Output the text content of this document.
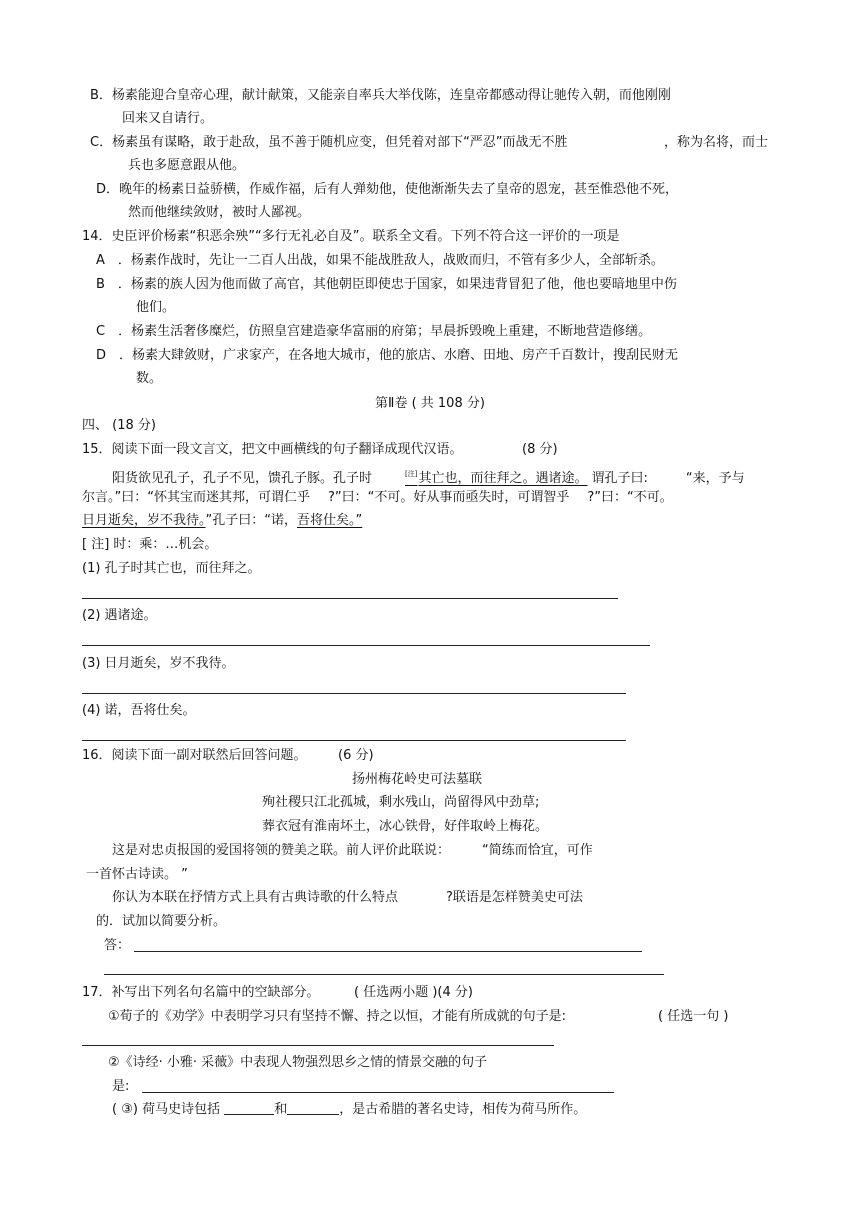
B．杨素能迎合皇帝心理，献计献策，又能亲自率兵大举伐陈，连皇帝都感动得让驰传入朝，而他刚刚
回来又自请行。
C．杨素虽有谋略，敢于赴敌，虽不善于随机应变，但凭着对部下“严忍”而战无不胜	，称为名将，而士
兵也多愿意跟从他。
D．晚年的杨素日益骄横，作威作福，后有人弹劾他，使他渐渐失去了皇帝的恩宠，甚至惟恐他不死，
然而他继续敛财，被时人鄙视。
14．史臣评价杨素“积恶余殃”“多行无礼必自及”。联系全文看。下列不符合这一评价的一项是
A　．杨素作战时，先让一二百人出战，如果不能战胜敌人，战败而归，不管有多少人，全部斩杀。
B　．杨素的族人因为他而做了高官，其他朝臣即使忠于国家，如果违背冒犯了他，他也要暗地里中伤
他们。
C　．杨素生活奢侈糜烂，仿照皇宫建造豪华富丽的府第；早晨拆毁晚上重建，不断地营造修缮。
D　．杨素大肆敛财，广求家产，在各地大城市，他的旅店、水磨、田地、房产千百数计，搜刮民财无
数。
第Ⅱ卷 ( 共 108 分)
四、 (18 分)
15．阅读下面一段文言文，把文中画横线的句子翻译成现代汉语。	(8 分)
阳货欲见孔子，孔子不见，馈孔子豚。孔子时	[注]其亡也，而往拜之。遇诸途。 谓孔子曰:	“来，予与
尔言。”曰：“怀其宝而迷其邦，可谓仁乎 ?”曰：“不可。好从事而亟失时，可谓智乎 ?”曰：“不可。
日月逝矣，岁不我待。”孔子曰：“诺，吾将仕矣。”
[ 注] 时：乘：…机会。
(1) 孔子时其亡也，而往拜之。
(2) 遇诸途。
(3) 日月逝矣，岁不我待。
(4) 诺，吾将仕矣。
16．阅读下面一副对联然后回答问题。 (6 分)
扬州梅花岭史可法墓联
殉社稷只江北孤城，剩水残山，尚留得风中劲草;
葬衣冠有淮南坏土，冰心铁骨，好伴取岭上梅花。
这是对忠贞报国的爱国将领的赞美之联。前人评价此联说： “简练而恰宜，可作
一首怀古诗读。 ”
你认为本联在抒情方式上具有古典诗歌的什么特点	?联语是怎样赞美史可法
的．试加以简要分析。
答：
17．补写出下列名句名篇中的空缺部分。	( 任选两小题 )(4 分)
①荀子的《劝学》中表明学习只有坚持不懈、持之以恒，才能有所成就的句子是:	( 任选一句 )
②《诗经· 小雅· 采薇》中表现人物强烈思乡之情的情景交融的句子
是:
( ③) 荷马史诗包括	和	，是古希腊的著名史诗，相传为荷马所作。
